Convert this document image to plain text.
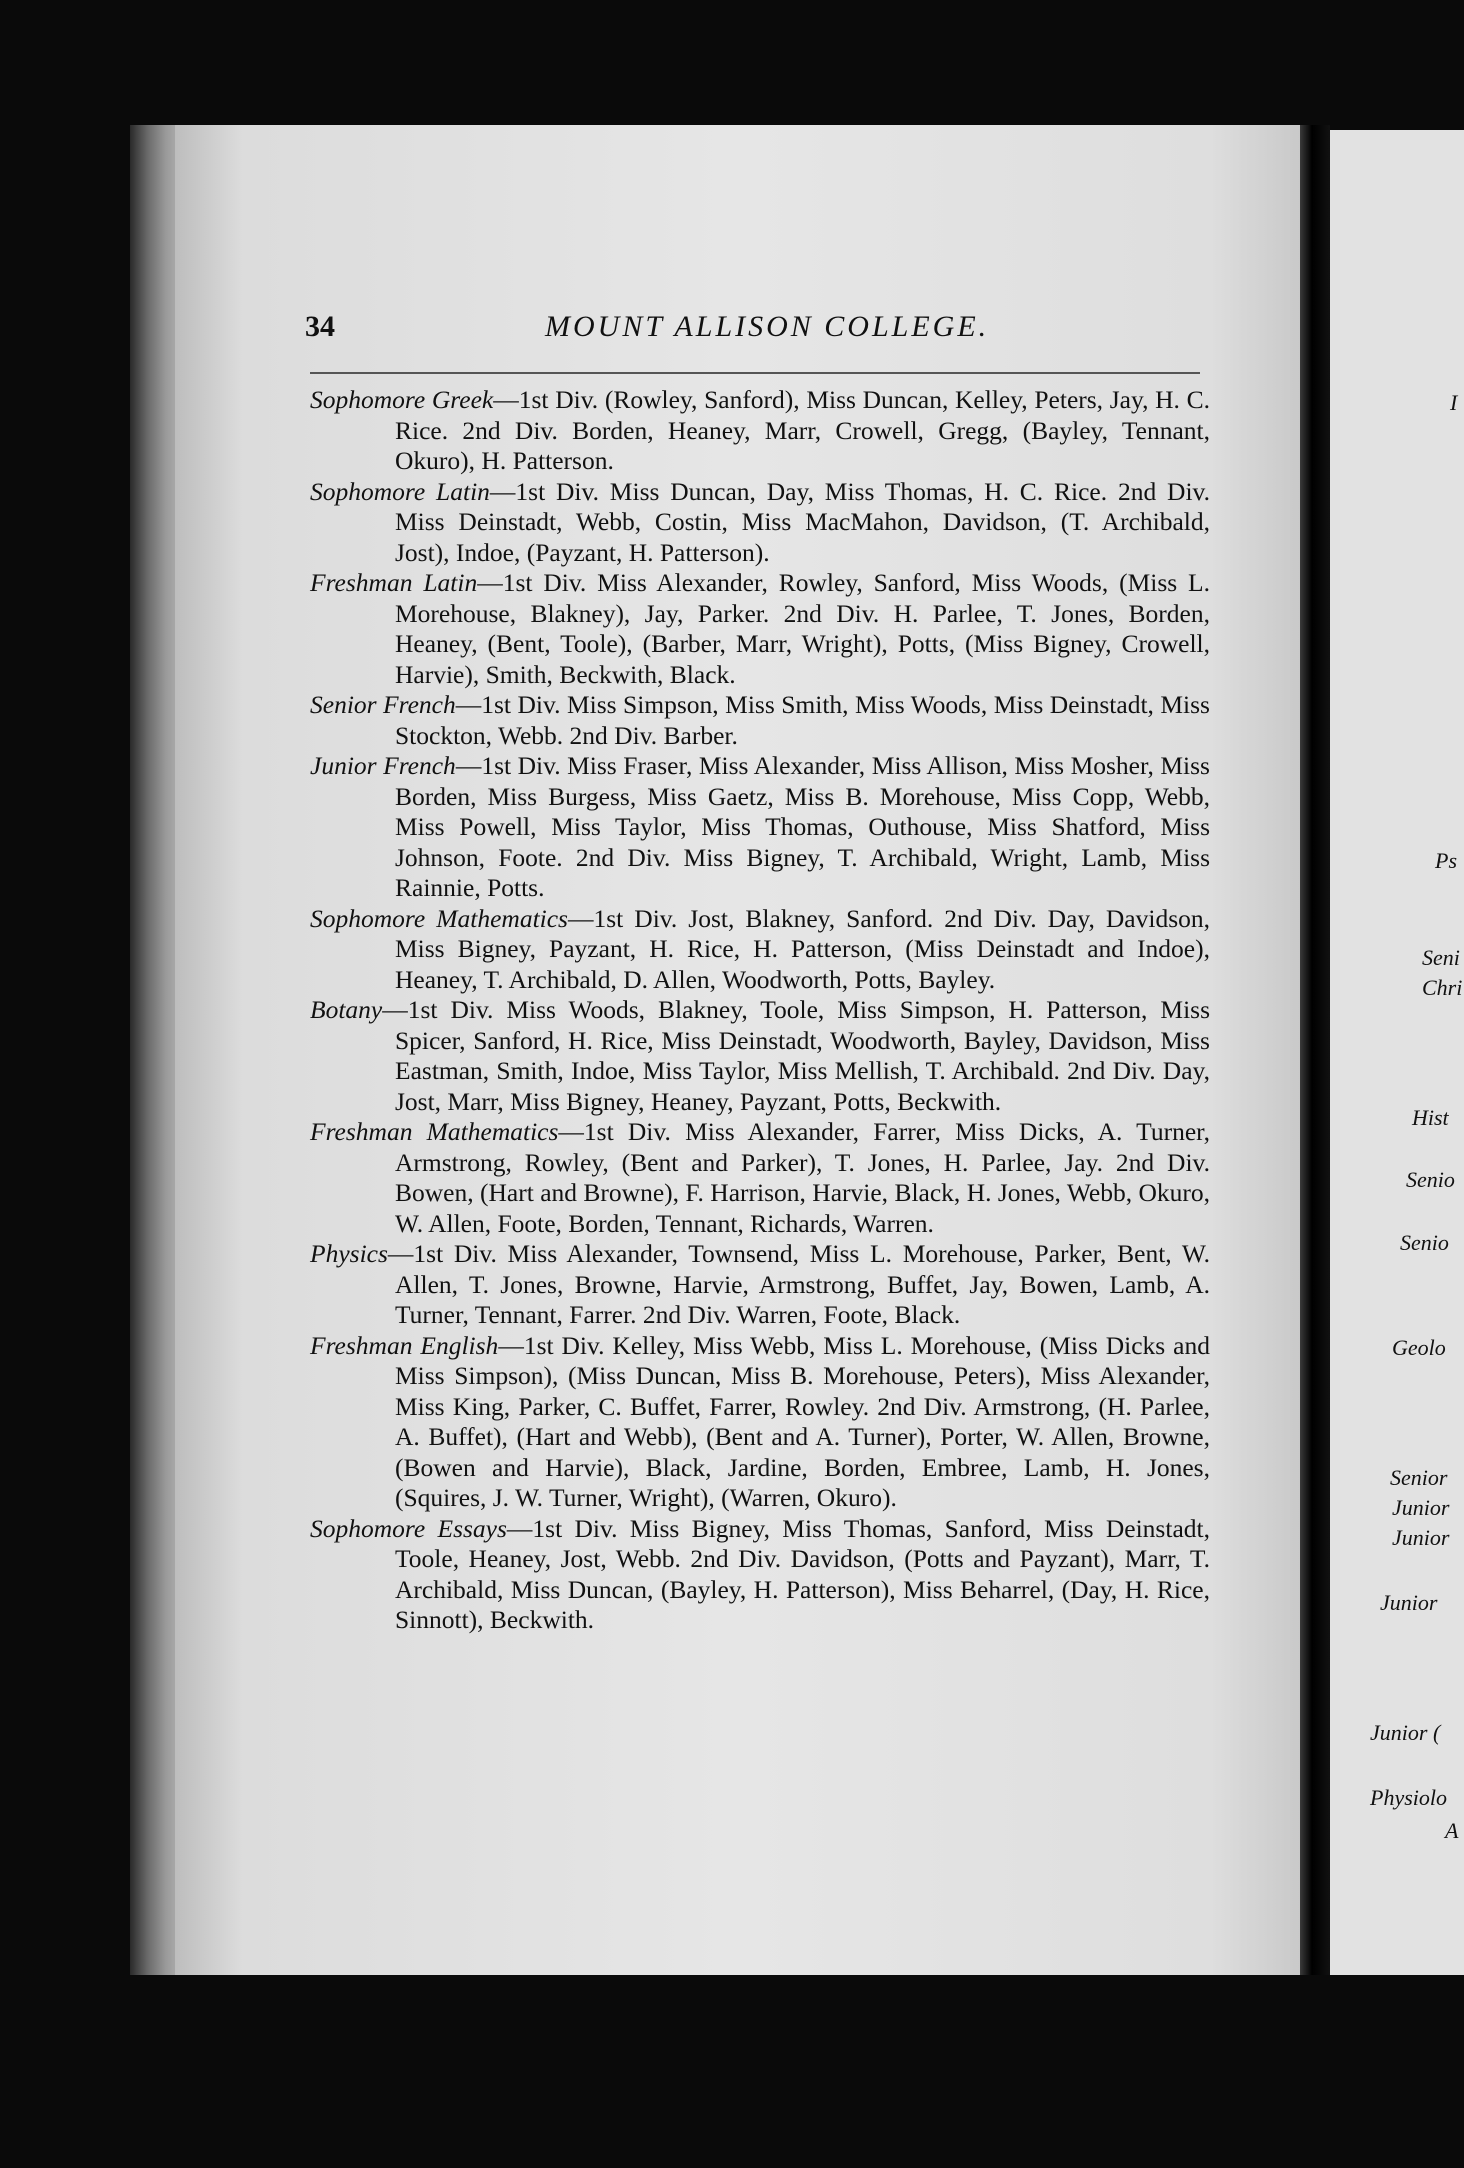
34	MOUNT ALLISON COLLEGE.

Sophomore Greek—1st Div. (Rowley, Sanford), Miss Duncan, Kelley, Peters, Jay, H. C. Rice. 2nd Div. Borden, Heaney, Marr, Crowell, Gregg, (Bayley, Tennant, Okuro), H. Patterson.

Sophomore Latin—1st Div. Miss Duncan, Day, Miss Thomas, H. C. Rice. 2nd Div. Miss Deinstadt, Webb, Costin, Miss MacMahon, Davidson, (T. Archibald, Jost), Indoe, (Payzant, H. Patterson).

Freshman Latin—1st Div. Miss Alexander, Rowley, Sanford, Miss Woods, (Miss L. Morehouse, Blakney), Jay, Parker. 2nd Div. H. Parlee, T. Jones, Borden, Heaney, (Bent, Toole), (Barber, Marr, Wright), Potts, (Miss Bigney, Crowell, Harvie), Smith, Beckwith, Black.

Senior French—1st Div. Miss Simpson, Miss Smith, Miss Woods, Miss Deinstadt, Miss Stockton, Webb. 2nd Div. Barber.

Junior French—1st Div. Miss Fraser, Miss Alexander, Miss Allison, Miss Mosher, Miss Borden, Miss Burgess, Miss Gaetz, Miss B. Morehouse, Miss Copp, Webb, Miss Powell, Miss Taylor, Miss Thomas, Outhouse, Miss Shatford, Miss Johnson, Foote. 2nd Div. Miss Bigney, T. Archibald, Wright, Lamb, Miss Rainnie, Potts.

Sophomore Mathematics—1st Div. Jost, Blakney, Sanford. 2nd Div. Day, Davidson, Miss Bigney, Payzant, H. Rice, H. Patterson, (Miss Deinstadt and Indoe), Heaney, T. Archibald, D. Allen, Woodworth, Potts, Bayley.

Botany—1st Div. Miss Woods, Blakney, Toole, Miss Simpson, H. Patterson, Miss Spicer, Sanford, H. Rice, Miss Deinstadt, Woodworth, Bayley, Davidson, Miss Eastman, Smith, Indoe, Miss Taylor, Miss Mellish, T. Archibald. 2nd Div. Day, Jost, Marr, Miss Bigney, Heaney, Payzant, Potts, Beckwith.

Freshman Mathematics—1st Div. Miss Alexander, Farrer, Miss Dicks, A. Turner, Armstrong, Rowley, (Bent and Parker), T. Jones, H. Parlee, Jay. 2nd Div. Bowen, (Hart and Browne), F. Harrison, Harvie, Black, H. Jones, Webb, Okuro, W. Allen, Foote, Borden, Tennant, Richards, Warren.

Physics—1st Div. Miss Alexander, Townsend, Miss L. Morehouse, Parker, Bent, W. Allen, T. Jones, Browne, Harvie, Armstrong, Buffet, Jay, Bowen, Lamb, A. Turner, Tennant, Farrer. 2nd Div. Warren, Foote, Black.

Freshman English—1st Div. Kelley, Miss Webb, Miss L. Morehouse, (Miss Dicks and Miss Simpson), (Miss Duncan, Miss B. Morehouse, Peters), Miss Alexander, Miss King, Parker, C. Buffet, Farrer, Rowley. 2nd Div. Armstrong, (H. Parlee, A. Buffet), (Hart and Webb), (Bent and A. Turner), Porter, W. Allen, Browne, (Bowen and Harvie), Black, Jardine, Borden, Embree, Lamb, H. Jones, (Squires, J. W. Turner, Wright), (Warren, Okuro).

Sophomore Essays—1st Div. Miss Bigney, Miss Thomas, Sanford, Miss Deinstadt, Toole, Heaney, Jost, Webb. 2nd Div. Davidson, (Potts and Payzant), Marr, T. Archibald, Miss Duncan, (Bayley, H. Patterson), Miss Beharrel, (Day, H. Rice, Sinnott), Beckwith.

I
Ps
Seni
Chri
Hist
Senio
Senio
Geolo
Senior
Junior
Junior
Junior
Junior (
Physiolo
A
